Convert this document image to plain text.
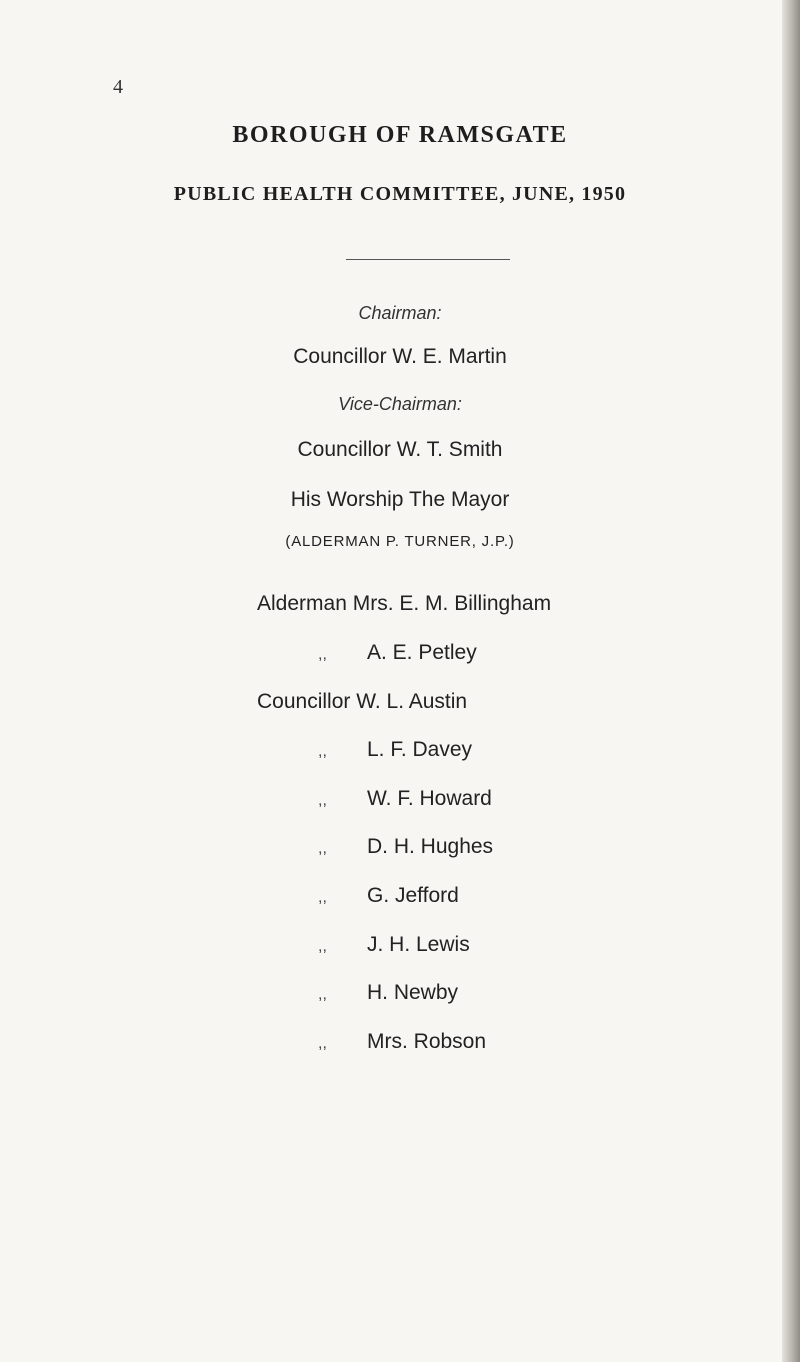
4
BOROUGH OF RAMSGATE
PUBLIC HEALTH COMMITTEE, JUNE, 1950
Chairman:
Councillor W. E. Martin
Vice-Chairman:
Councillor W. T. Smith
His Worship The Mayor
(ALDERMAN P. TURNER, J.P.)
Alderman Mrs. E. M. Billingham
,, A. E. Petley
Councillor W. L. Austin
,, L. F. Davey
,, W. F. Howard
,, D. H. Hughes
,, G. Jefford
,, J. H. Lewis
,, H. Newby
,, Mrs. Robson
